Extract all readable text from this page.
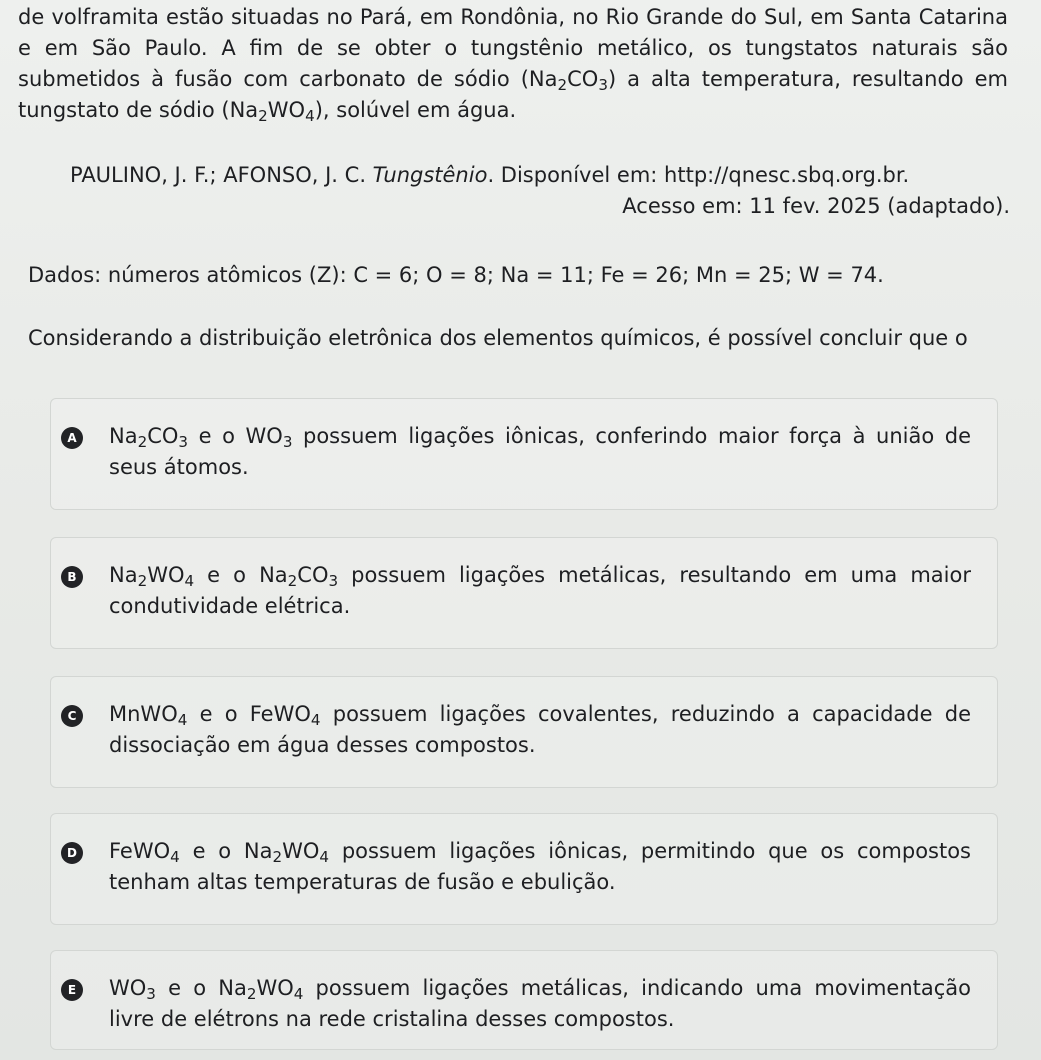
de volframita estão situadas no Pará, em Rondônia, no Rio Grande do Sul, em Santa Catarina e em São Paulo. A fim de se obter o tungstênio metálico, os tungstatos naturais são submetidos à fusão com carbonato de sódio $(Na_2CO_3)$ a alta temperatura, resultando em tungstato de sódio $(Na_2WO_4)$, solúvel em água.

PAULINO, J. F.; AFONSO, J. C. Tungstênio. Disponível em: http://qnesc.sbq.org.br.
Acesso em: 11 fev. 2025 (adaptado).

Dados: números atômicos (Z): C = 6; O = 8; Na = 11; Fe = 26; Mn = 25; W = 74.

Considerando a distribuição eletrônica dos elementos químicos, é possível concluir que o

A	$Na_2CO_3$ e o $WO_3$ possuem ligações iônicas, conferindo maior força à união de seus átomos.

B	$Na_2WO_4$ e o $Na_2CO_3$ possuem ligações metálicas, resultando em uma maior condutividade elétrica.

C	MnWO$_4$ e o FeWO$_4$ possuem ligações covalentes, reduzindo a capacidade de dissociação em água desses compostos.

D FeWO$_4$ e o $Na_2WO_4$ possuem ligações iônicas, permitindo que os compostos tenham altas temperaturas de fusão e ebulição.

E	$WO_3$ e o $Na_2WO_4$ possuem ligações metálicas, indicando uma movimentação livre de elétrons na rede cristalina desses compostos.
